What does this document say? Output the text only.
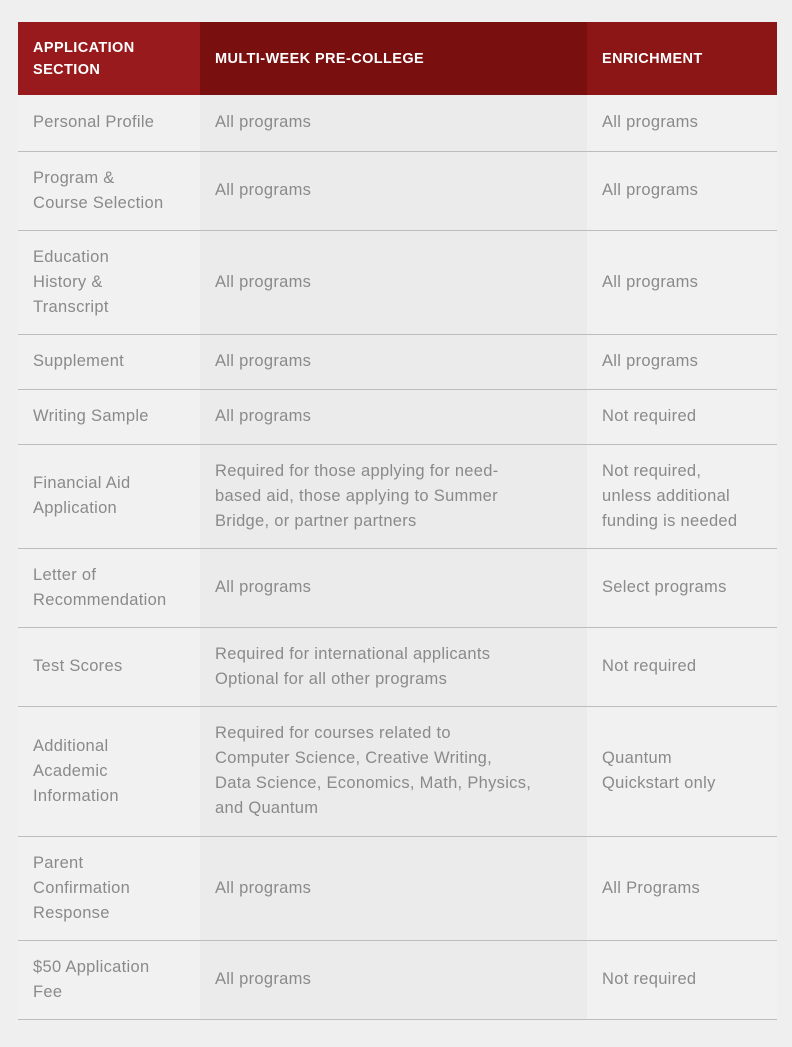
APPLICATION SECTION	MULTI-WEEK PRE-COLLEGE	ENRICHMENT

Personal Profile	All programs	All programs

Program &
Course Selection	All programs	All programs

Education
History &
Transcript	All programs	All programs

Supplement	All programs	All programs

Writing Sample	All programs	Not required

Financial Aid
Application	Required for those applying for need-
based aid, those applying to Summer
Bridge, or partner partners	Not required,
unless additional
funding is needed

Letter of
Recommendation	All programs	Select programs

Test Scores	Required for international applicants
Optional for all other programs	Not required

Additional
Academic
Information	Required for courses related to
Computer Science, Creative Writing,
Data Science, Economics, Math, Physics,
and Quantum	Quantum
Quickstart only

Parent
Confirmation
Response	All programs	All Programs

$50 Application
Fee	All programs	Not required
